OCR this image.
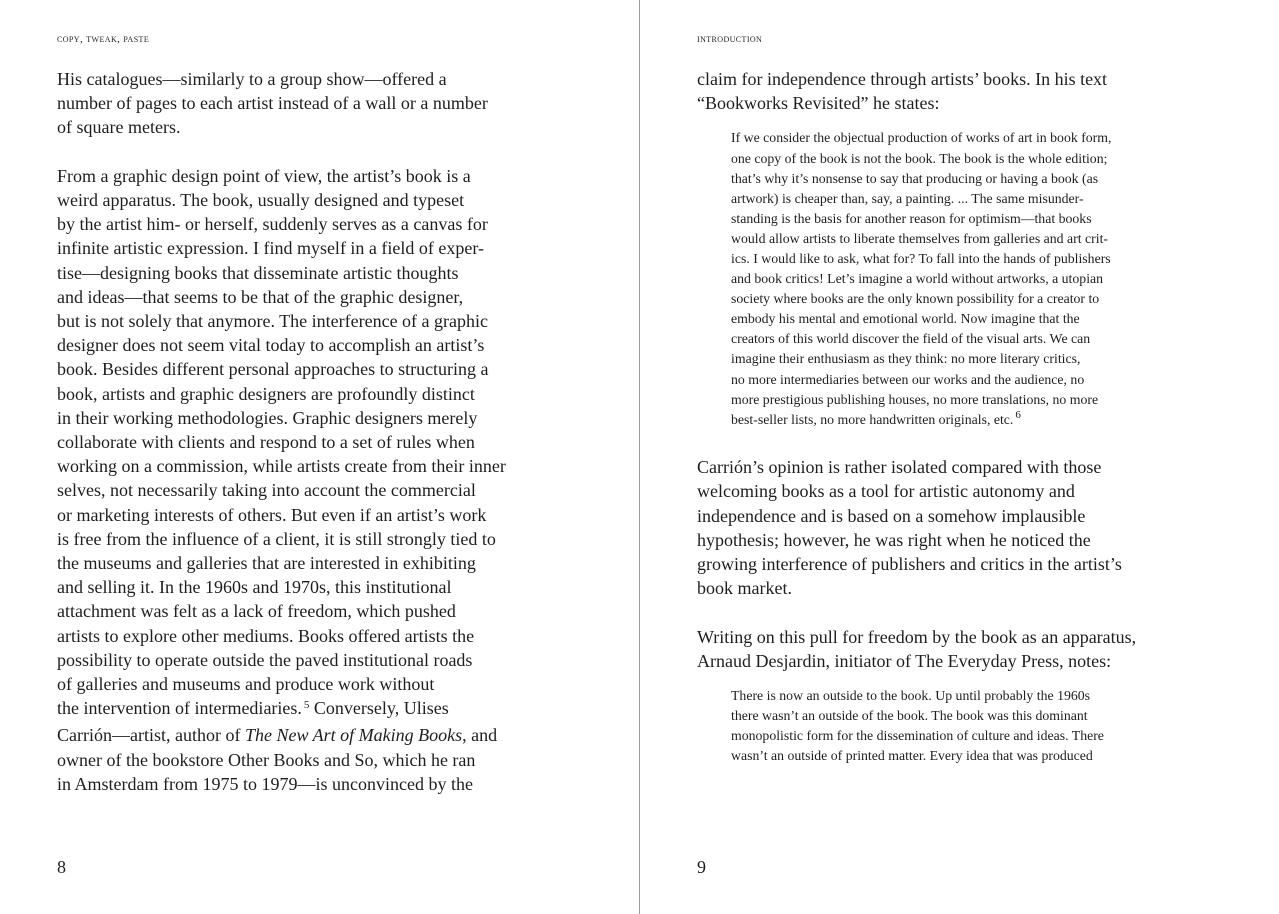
copy, tweak, paste
His catalogues—similarly to a group show—offered a
number of pages to each artist instead of a wall or a number
of square meters.
From a graphic design point of view, the artist’s book is a
weird apparatus. The book, usually designed and typeset
by the artist him- or herself, suddenly serves as a canvas for
infinite artistic expression. I find myself in a field of exper-
tise—designing books that disseminate artistic thoughts
and ideas—that seems to be that of the graphic designer,
but is not solely that anymore. The interference of a graphic
designer does not seem vital today to accomplish an artist’s
book. Besides different personal approaches to structuring a
book, artists and graphic designers are profoundly distinct
in their working methodologies. Graphic designers merely
collaborate with clients and respond to a set of rules when
working on a commission, while artists create from their inner
selves, not necessarily taking into account the commercial
or marketing interests of others. But even if an artist’s work
is free from the influence of a client, it is still strongly tied to
the museums and galleries that are interested in exhibiting
and selling it. In the 1960s and 1970s, this institutional
attachment was felt as a lack of freedom, which pushed
artists to explore other mediums. Books offered artists the
possibility to operate outside the paved institutional roads
of galleries and museums and produce work without
the intervention of intermediaries. $^5$ Conversely, Ulises
Carrión—artist, author of The New Art of Making Books, and
owner of the bookstore Other Books and So, which he ran
in Amsterdam from 1975 to 1979—is unconvinced by the
8
introduction
claim for independence through artists’ books. In his text
“Bookworks Revisited” he states:
If we consider the objectual production of works of art in book form,
one copy of the book is not the book. The book is the whole edition;
that’s why it’s nonsense to say that producing or having a book (as
artwork) is cheaper than, say, a painting. ... The same misunder-
standing is the basis for another reason for optimism—that books
would allow artists to liberate themselves from galleries and art crit-
ics. I would like to ask, what for? To fall into the hands of publishers
and book critics! Let’s imagine a world without artworks, a utopian
society where books are the only known possibility for a creator to
embody his mental and emotional world. Now imagine that the
creators of this world discover the field of the visual arts. We can
imagine their enthusiasm as they think: no more literary critics,
no more intermediaries between our works and the audience, no
more prestigious publishing houses, no more translations, no more
best-seller lists, no more handwritten originals, etc. $^6$
Carrión’s opinion is rather isolated compared with those
welcoming books as a tool for artistic autonomy and
independence and is based on a somehow implausible
hypothesis; however, he was right when he noticed the
growing interference of publishers and critics in the artist’s
book market.
Writing on this pull for freedom by the book as an apparatus,
Arnaud Desjardin, initiator of The Everyday Press, notes:
There is now an outside to the book. Up until probably the 1960s
there wasn’t an outside of the book. The book was this dominant
monopolistic form for the dissemination of culture and ideas. There
wasn’t an outside of printed matter. Every idea that was produced
9
